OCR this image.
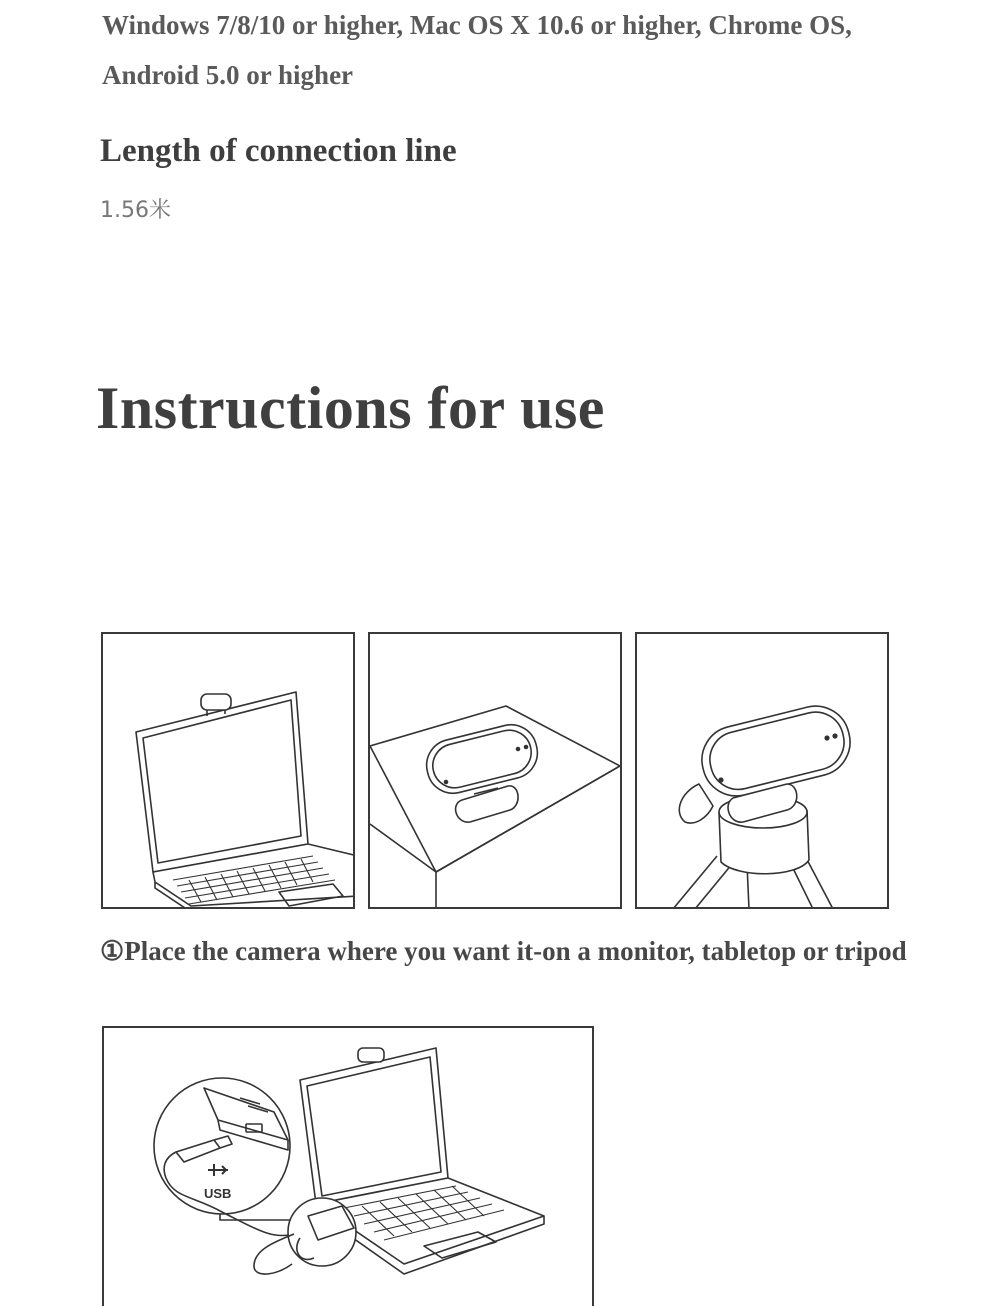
Windows 7/8/10 or higher, Mac OS X 10.6 or higher, Chrome OS,
Android 5.0 or higher
Length of connection line
1.56米
Instructions for use
①Place the camera where you want it-on a monitor, tabletop or tripod
USB
